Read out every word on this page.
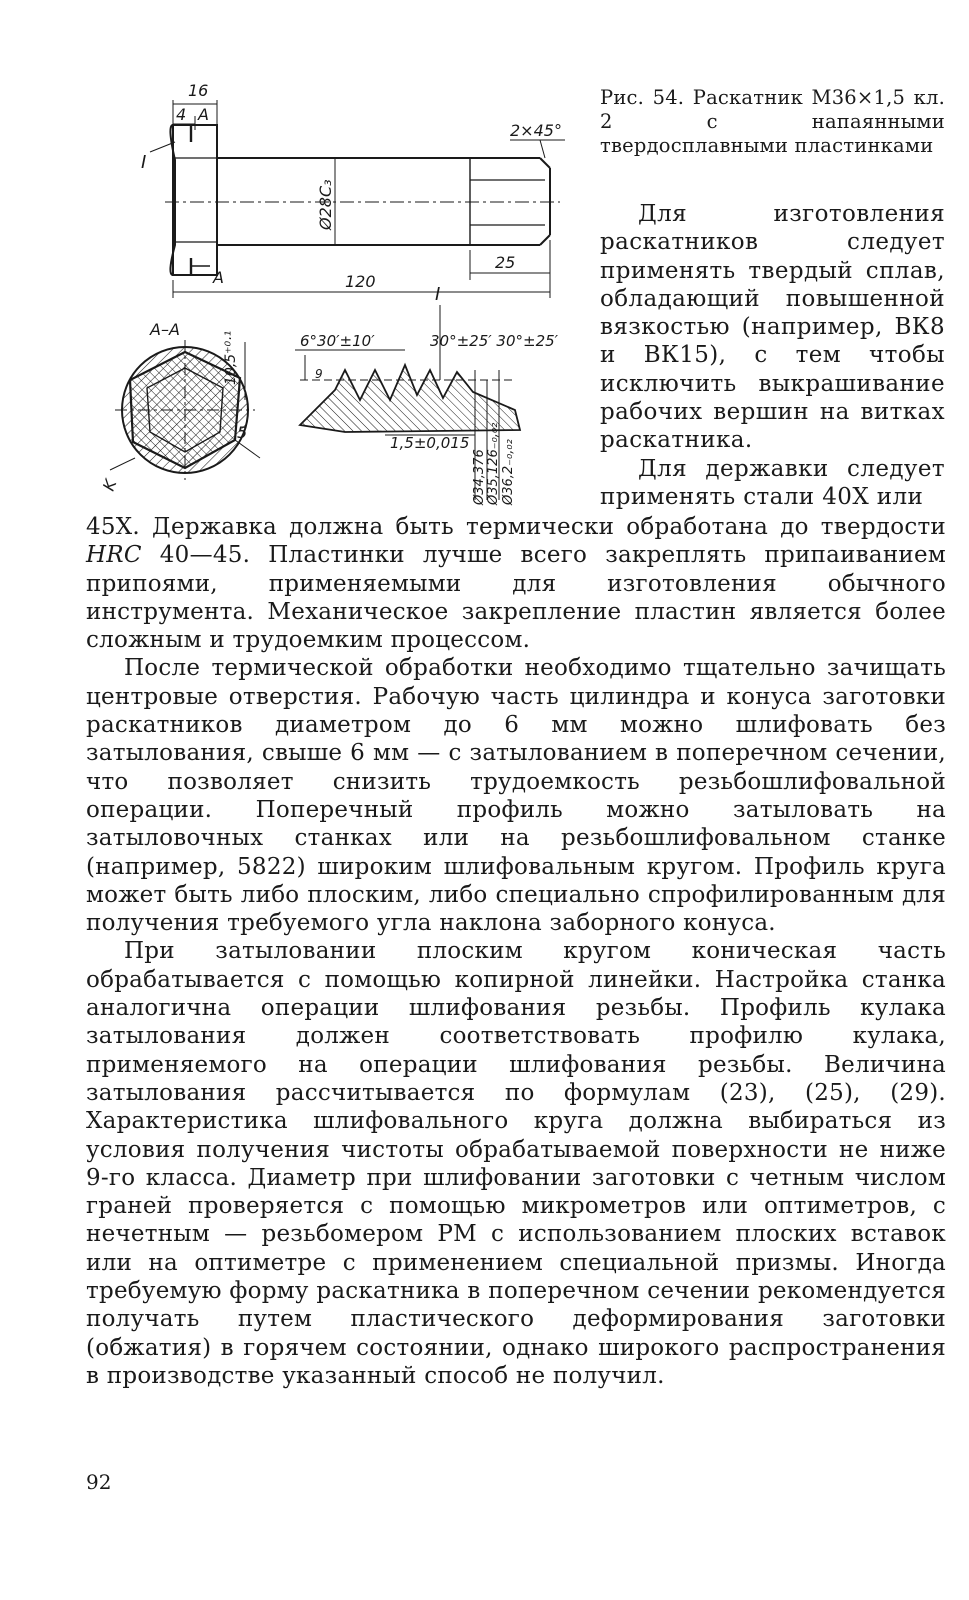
16
4 A
I
2×45°
Ø28C₃
120
25
A
A–A
10,5⁺⁰·¹
5
K
I
6°30′±10′	30°±25′ 30°±25′
1,5±0,015
9
Ø34,376 Ø35,126₋₀,₀₂ Ø36,2₋₀,₀₂
Рис. 54. Раскатник М36×1,5 кл. 2 с напаянными твердосплавными пластинками

Для изготовления раскатников следует применять твердый сплав, обладающий повышенной вязкостью (например, ВК8 и ВК15), с тем чтобы исключить выкрашивание рабочих вершин на витках раскатника.

Для державки следует применять стали 40Х или

45Х. Державка должна быть термически обработана до твердости HRC 40—45. Пластинки лучше всего закреплять припаиванием припоями, применяемыми для изготовления обычного инструмента. Механическое закрепление пластин является более сложным и трудоемким процессом.

После термической обработки необходимо тщательно зачищать центровые отверстия. Рабочую часть цилиндра и конуса заготовки раскатников диаметром до 6 мм можно шлифовать без затылования, свыше 6 мм — с затылованием в поперечном сечении, что позволяет снизить трудоемкость резьбошлифовальной операции. Поперечный профиль можно затыловать на затыловочных станках или на резьбошлифовальном станке (например, 5822) широким шлифовальным кругом. Профиль круга может быть либо плоским, либо специально спрофилированным для получения требуемого угла наклона заборного конуса.

При затыловании плоским кругом коническая часть обрабатывается с помощью копирной линейки. Настройка станка аналогична операции шлифования резьбы. Профиль кулака затылования должен соответствовать профилю кулака, применяемого на операции шлифования резьбы. Величина затылования рассчитывается по формулам (23), (25), (29). Характеристика шлифовального круга должна выбираться из условия получения чистоты обрабатываемой поверхности не ниже 9-го класса. Диаметр при шлифовании заготовки с четным числом граней проверяется с помощью микрометров или оптиметров, с нечетным — резьбомером РМ с использованием плоских вставок или на оптиметре с применением специальной призмы. Иногда требуемую форму раскатника в поперечном сечении рекомендуется получать путем пластического деформирования заготовки (обжатия) в горячем состоянии, однако широкого распространения в производстве указанный способ не получил.

92
